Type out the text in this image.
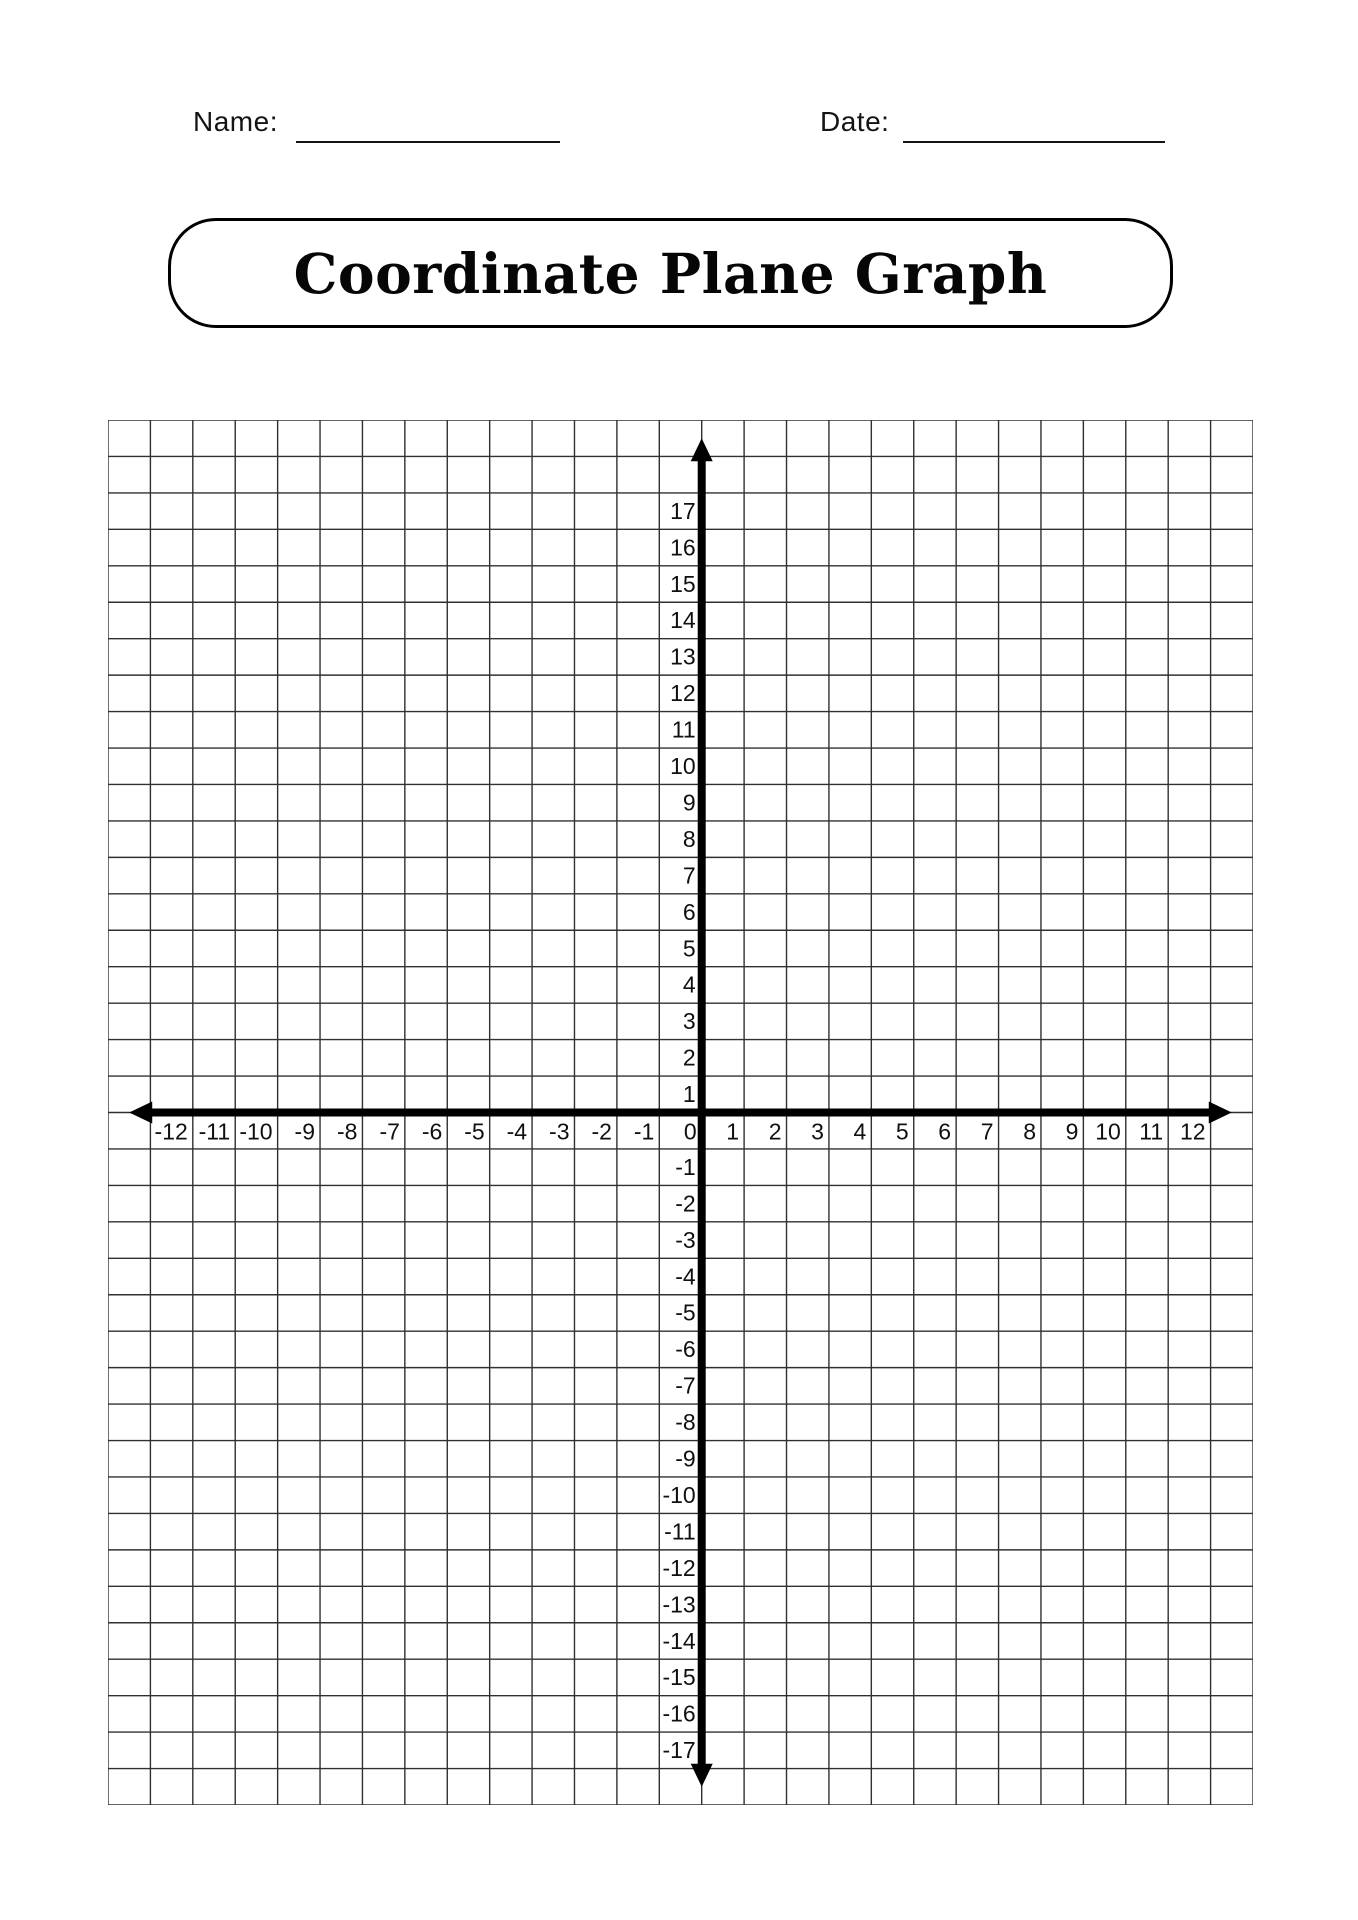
Name:	Date:
Coordinate Plane Graph
-12 -11 -10 -9 -8 -7 -6 -5 -4 -3 -2 -1 0 1 2 3 4 5 6 7 8 9 10 11 12
17
16
15
14
13
12
11
10
9
8
7
6
5
4
3
2
1
-1
-2
-3
-4
-5
-6
-7
-8
-9
-10
-11
-12
-13
-14
-15
-16
-17
